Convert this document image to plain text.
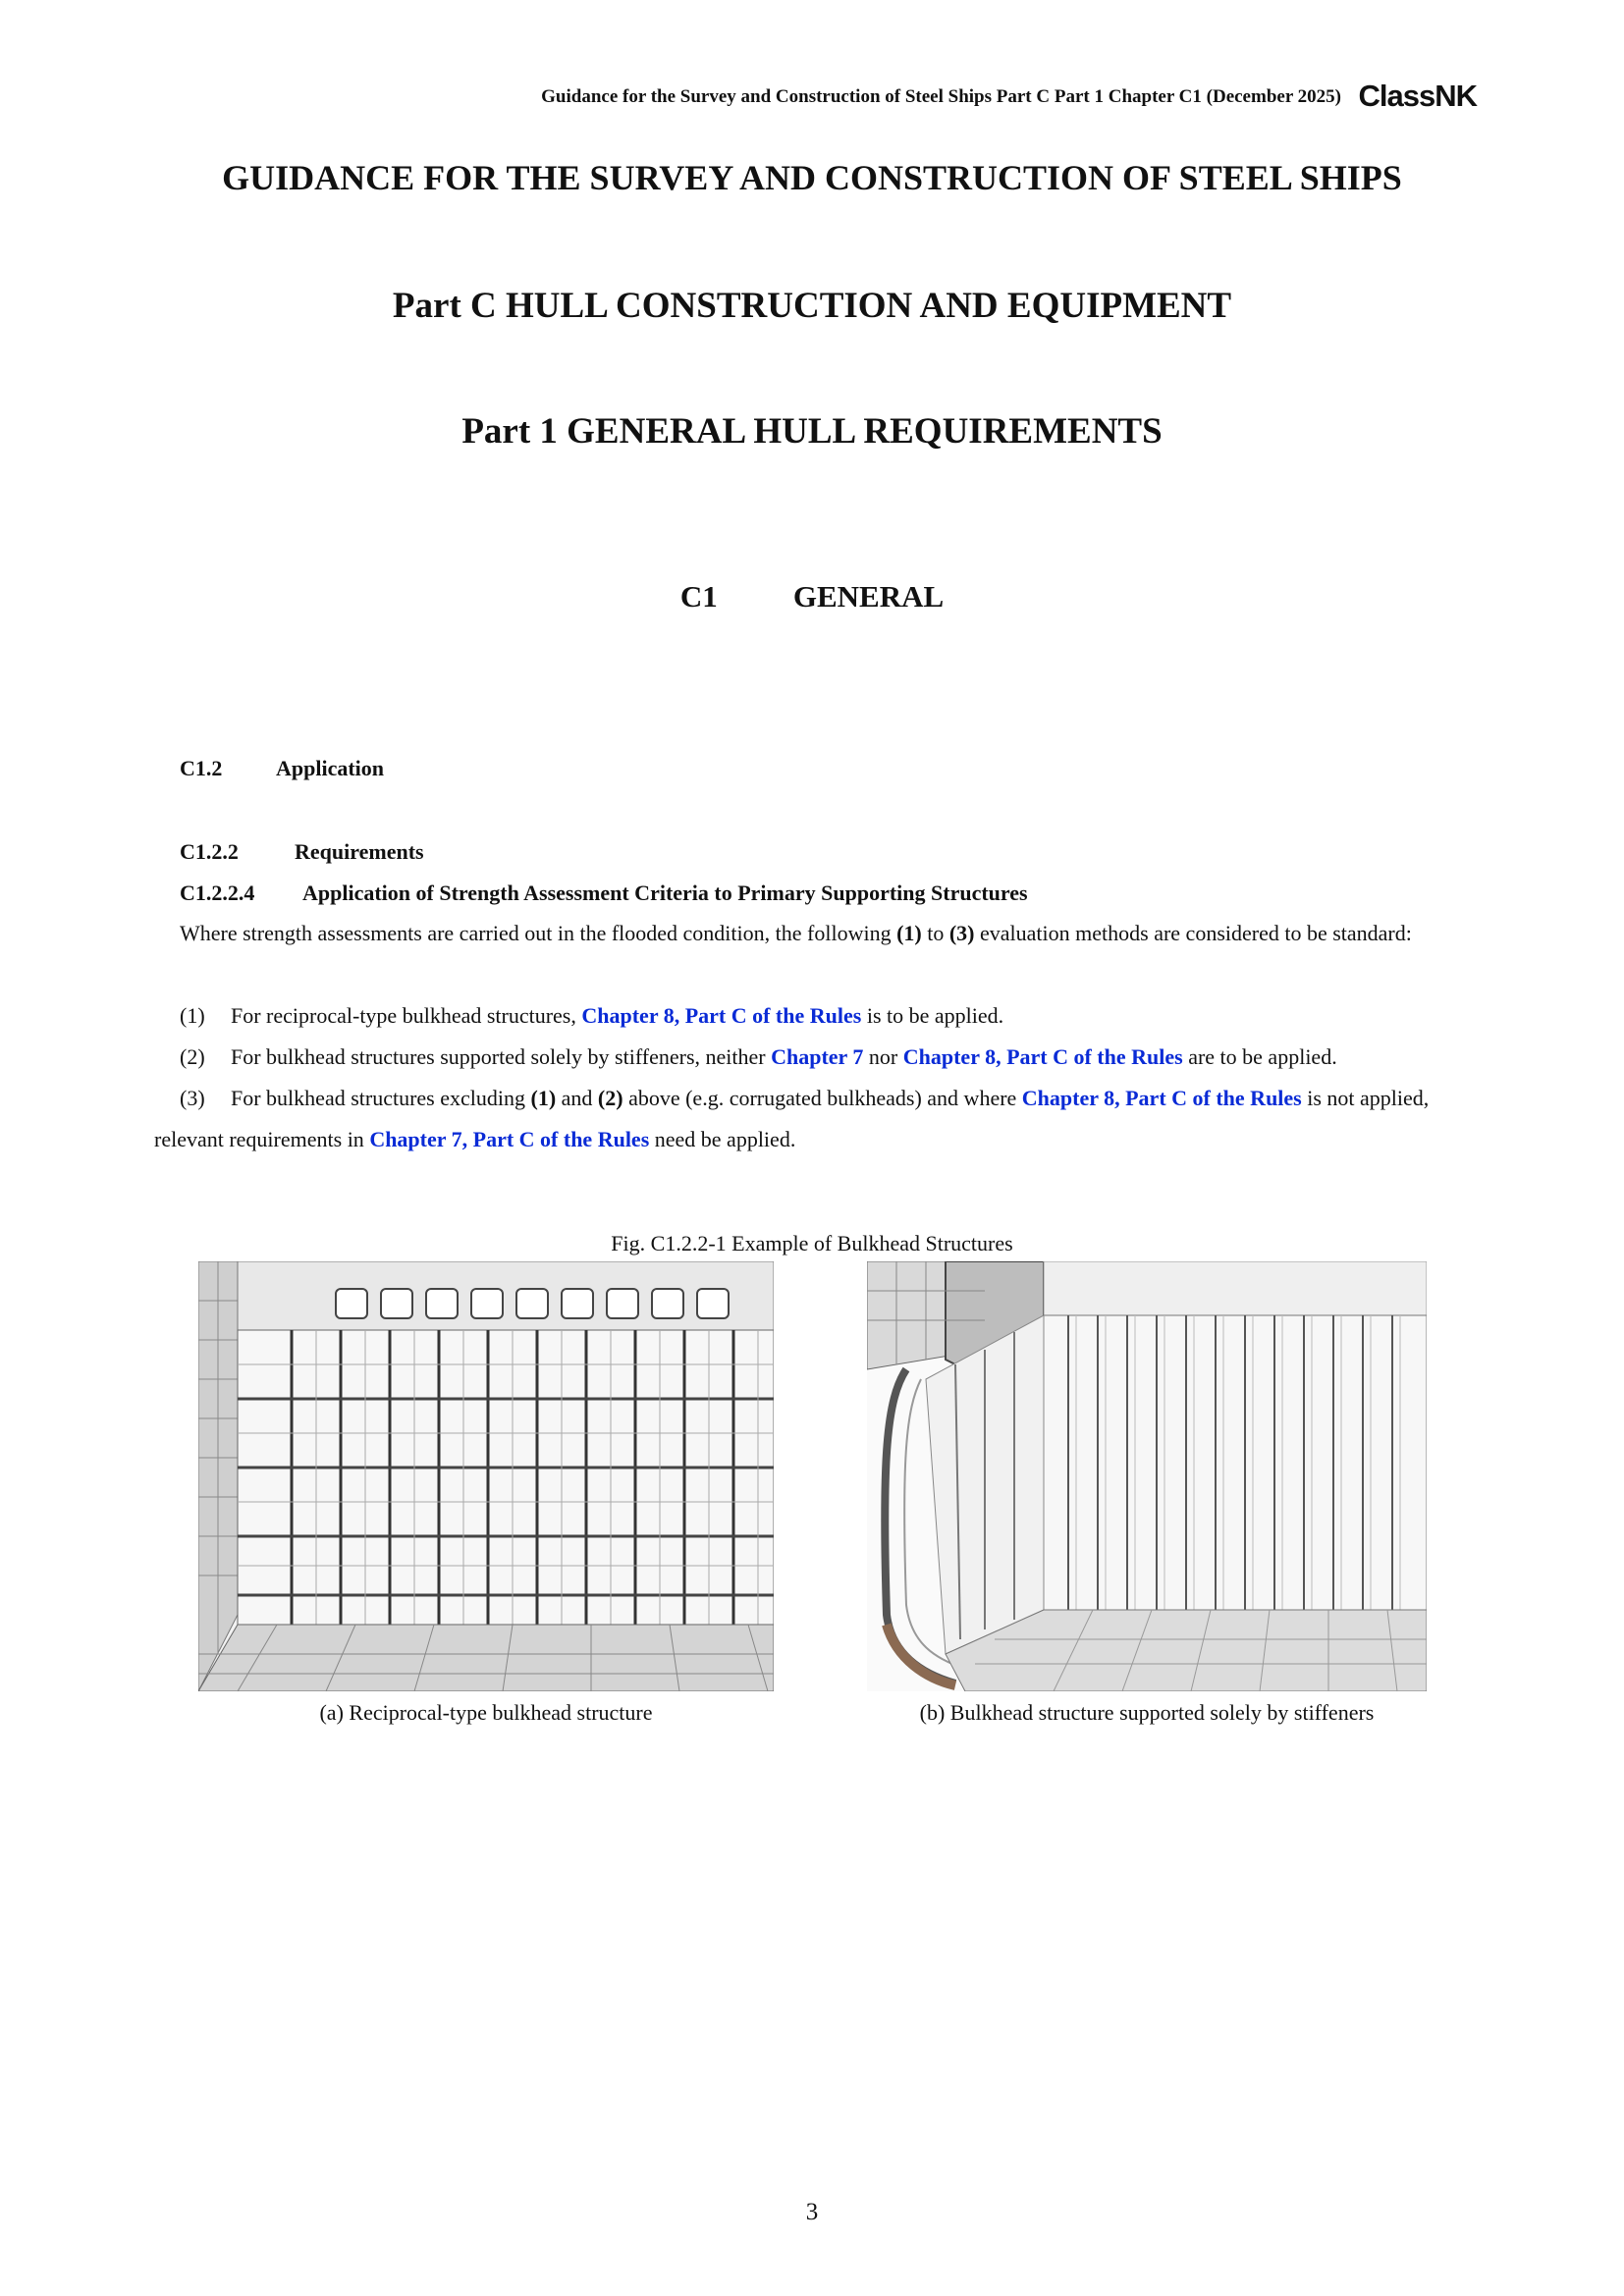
Guidance for the Survey and Construction of Steel Ships Part C Part 1 Chapter C1 (December 2025) ClassNK
GUIDANCE FOR THE SURVEY AND CONSTRUCTION OF STEEL SHIPS
Part C HULL CONSTRUCTION AND EQUIPMENT
Part 1 GENERAL HULL REQUIREMENTS
C1 GENERAL
C1.2 Application
C1.2.2	Requirements
C1.2.2.4 Application of Strength Assessment Criteria to Primary Supporting Structures
Where strength assessments are carried out in the flooded condition, the following (1) to (3) evaluation methods are considered to be standard:
(1) For reciprocal-type bulkhead structures, Chapter 8, Part C of the Rules is to be applied.
(2) For bulkhead structures supported solely by stiffeners, neither Chapter 7 nor Chapter 8, Part C of the Rules are to be applied.
(3) For bulkhead structures excluding (1) and (2) above (e.g. corrugated bulkheads) and where Chapter 8, Part C of the Rules is not applied, relevant requirements in Chapter 7, Part C of the Rules need be applied.
Fig. C1.2.2-1 Example of Bulkhead Structures
(a) Reciprocal-type bulkhead structure	(b) Bulkhead structure supported solely by stiffeners
3
